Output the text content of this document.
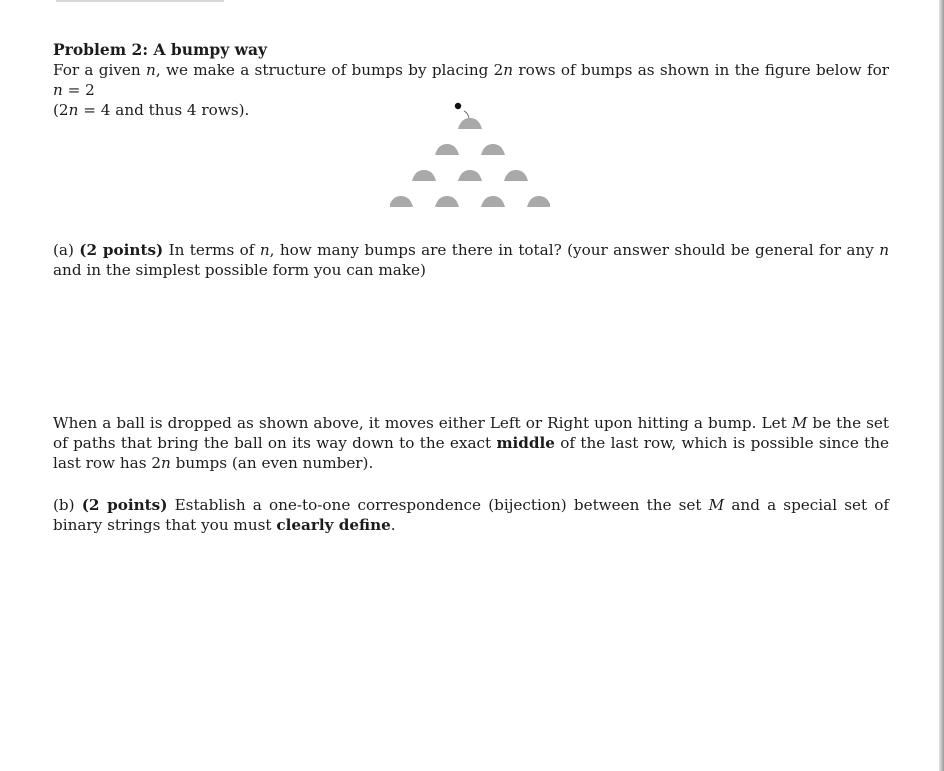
Problem 2: A bumpy way

For a given n, we make a structure of bumps by placing 2n rows of bumps as shown in the figure below for n = 2
(2n = 4 and thus 4 rows).

(a) (2 points) In terms of n, how many bumps are there in total? (your answer should be general for any n and in the simplest possible form you can make)

When a ball is dropped as shown above, it moves either Left or Right upon hitting a bump. Let M be the set of paths that bring the ball on its way down to the exact middle of the last row, which is possible since the last row has 2n bumps (an even number).

(b) (2 points) Establish a one-to-one correspondence (bijection) between the set M and a special set of binary strings that you must clearly define.
